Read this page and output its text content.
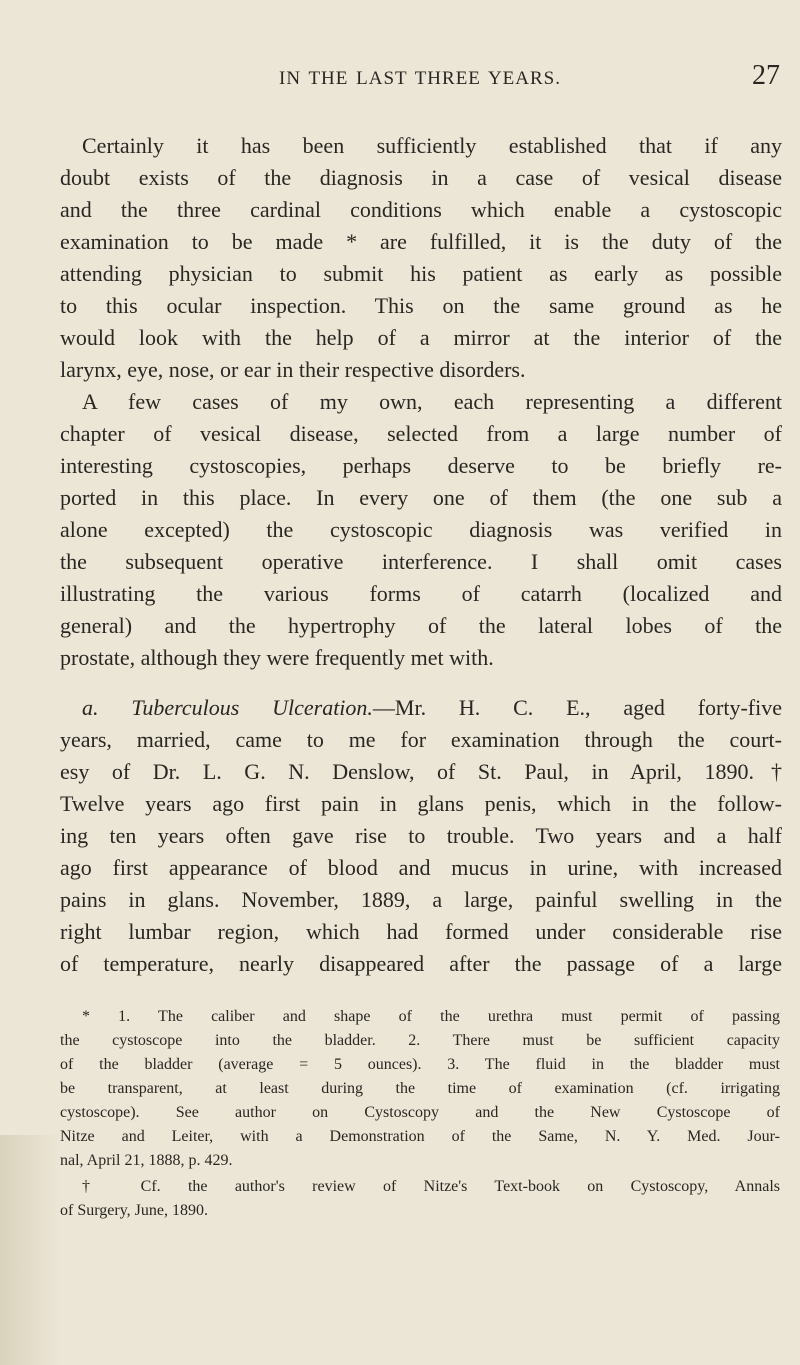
IN THE LAST THREE YEARS.	27
Certainly it has been sufficiently established that if any
doubt exists of the diagnosis in a case of vesical disease
and the three cardinal conditions which enable a cystoscopic
examination to be made * are fulfilled, it is the duty of the
attending physician to submit his patient as early as possible
to this ocular inspection. This on the same ground as he
would look with the help of a mirror at the interior of the
larynx, eye, nose, or ear in their respective disorders.
A few cases of my own, each representing a different
chapter of vesical disease, selected from a large number of
interesting cystoscopies, perhaps deserve to be briefly re-
ported in this place. In every one of them (the one sub a
alone excepted) the cystoscopic diagnosis was verified in
the subsequent operative interference. I shall omit cases
illustrating the various forms of catarrh (localized and
general) and the hypertrophy of the lateral lobes of the
prostate, although they were frequently met with.
a. Tuberculous Ulceration.—Mr. H. C. E., aged forty-five
years, married, came to me for examination through the court-
esy of Dr. L. G. N. Denslow, of St. Paul, in April, 1890.†
Twelve years ago first pain in glans penis, which in the follow-
ing ten years often gave rise to trouble. Two years and a half
ago first appearance of blood and mucus in urine, with increased
pains in glans. November, 1889, a large, painful swelling in the
right lumbar region, which had formed under considerable rise
of temperature, nearly disappeared after the passage of a large
* 1. The caliber and shape of the urethra must permit of passing
the cystoscope into the bladder. 2. There must be sufficient capacity
of the bladder (average = 5 ounces). 3. The fluid in the bladder must
be transparent, at least during the time of examination (cf. irrigating
cystoscope). See author on Cystoscopy and the New Cystoscope of
Nitze and Leiter, with a Demonstration of the Same, N. Y. Med. Jour-
nal, April 21, 1888, p. 429.
† Cf. the author's review of Nitze's Text-book on Cystoscopy, Annals
of Surgery, June, 1890.
